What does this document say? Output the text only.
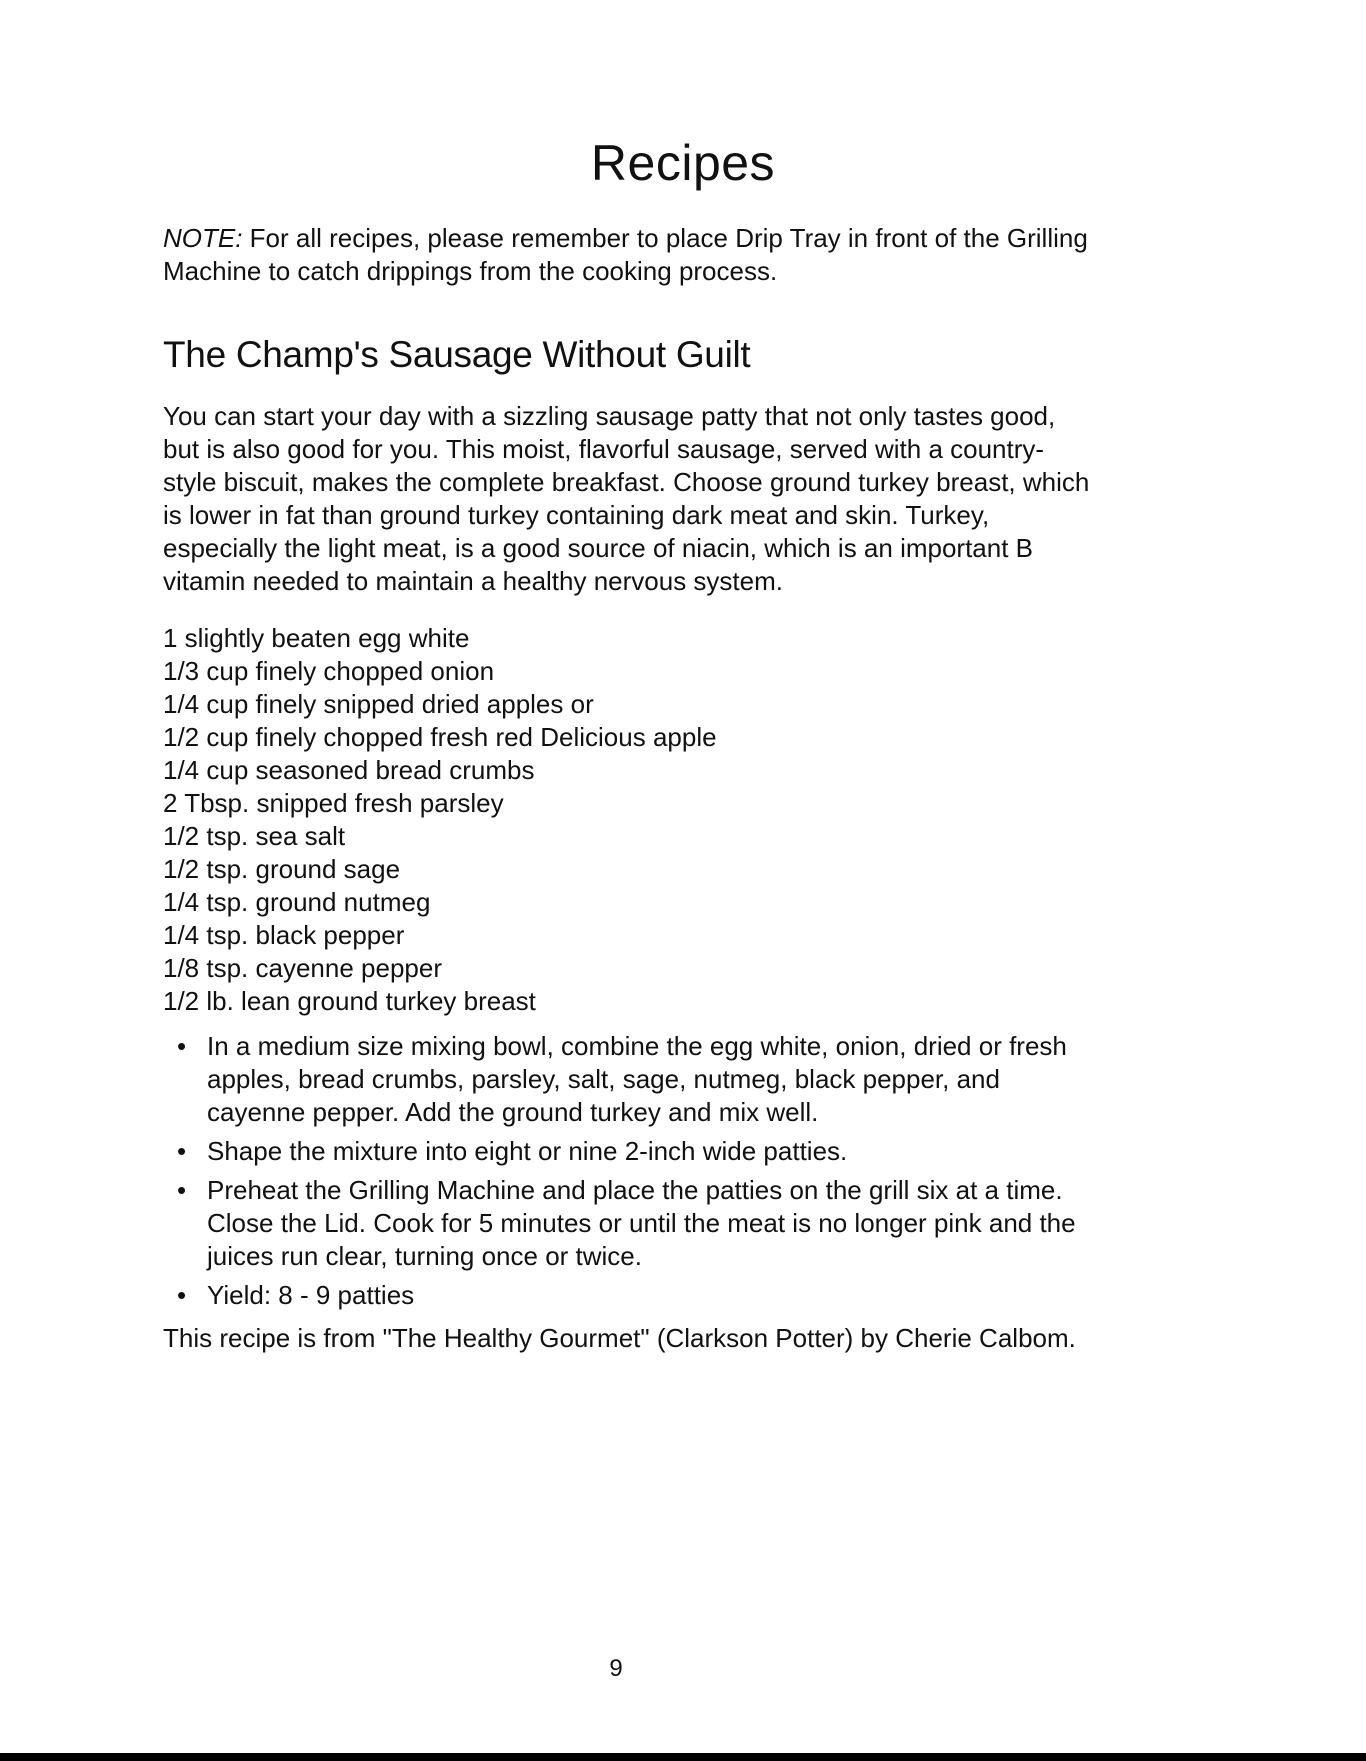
Recipes

NOTE: For all recipes, please remember to place Drip Tray in front of the Grilling Machine to catch drippings from the cooking process.

The Champ's Sausage Without Guilt

You can start your day with a sizzling sausage patty that not only tastes good, but is also good for you. This moist, flavorful sausage, served with a country-style biscuit, makes the complete breakfast. Choose ground turkey breast, which is lower in fat than ground turkey containing dark meat and skin. Turkey, especially the light meat, is a good source of niacin, which is an important B vitamin needed to maintain a healthy nervous system.

1 slightly beaten egg white
1/3 cup finely chopped onion
1/4 cup finely snipped dried apples or
1/2 cup finely chopped fresh red Delicious apple
1/4 cup seasoned bread crumbs
2 Tbsp. snipped fresh parsley
1/2 tsp. sea salt
1/2 tsp. ground sage
1/4 tsp. ground nutmeg
1/4 tsp. black pepper
1/8 tsp. cayenne pepper
1/2 lb. lean ground turkey breast
• In a medium size mixing bowl, combine the egg white, onion, dried or fresh apples, bread crumbs, parsley, salt, sage, nutmeg, black pepper, and cayenne pepper. Add the ground turkey and mix well.
• Shape the mixture into eight or nine 2-inch wide patties.
• Preheat the Grilling Machine and place the patties on the grill six at a time. Close the Lid. Cook for 5 minutes or until the meat is no longer pink and the juices run clear, turning once or twice.
• Yield: 8 - 9 patties

This recipe is from "The Healthy Gourmet" (Clarkson Potter) by Cherie Calbom.

9
